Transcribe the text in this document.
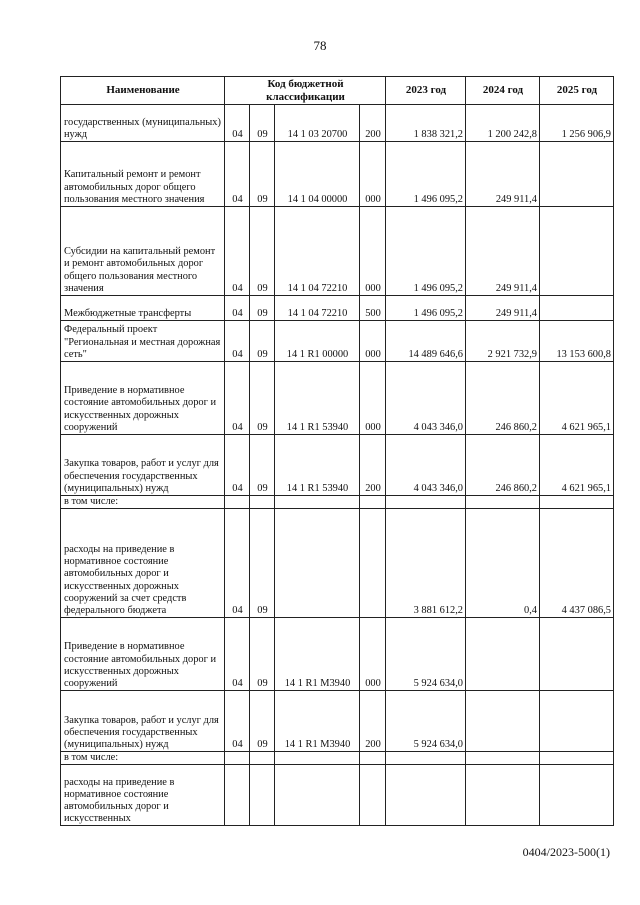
78
Наименование	Код бюджетной классификации				2023 год	2024 год	2025 год
государственных (муниципальных) нужд	04	09	14 1 03 20700	200	1 838 321,2	1 200 242,8	1 256 906,9
Капитальный ремонт и ремонт автомобильных дорог общего пользования местного значения	04	09	14 1 04 00000	000	1 496 095,2	249 911,4	
Субсидии на капитальный ремонт и ремонт автомобильных дорог общего пользования местного значения	04	09	14 1 04 72210	000	1 496 095,2	249 911,4	
Межбюджетные трансферты	04	09	14 1 04 72210	500	1 496 095,2	249 911,4	
Федеральный проект "Региональная и местная дорожная сеть"	04	09	14 1 R1 00000	000	14 489 646,6	2 921 732,9	13 153 600,8
Приведение в нормативное состояние автомобильных дорог и искусственных дорожных сооружений	04	09	14 1 R1 53940	000	4 043 346,0	246 860,2	4 621 965,1
Закупка товаров, работ и услуг для обеспечения государственных (муниципальных) нужд	04	09	14 1 R1 53940	200	4 043 346,0	246 860,2	4 621 965,1
в том числе:							
расходы на приведение в нормативное состояние автомобильных дорог и искусственных дорожных сооружений за счет средств федерального бюджета	04	09			3 881 612,2	0,4	4 437 086,5
Приведение в нормативное состояние автомобильных дорог и искусственных дорожных сооружений	04	09	14 1 R1 M3940	000	5 924 634,0		
Закупка товаров, работ и услуг для обеспечения государственных (муниципальных) нужд	04	09	14 1 R1 M3940	200	5 924 634,0		
в том числе:							
расходы на приведение в нормативное состояние автомобильных дорог и искусственных							
0404/2023-500(1)
